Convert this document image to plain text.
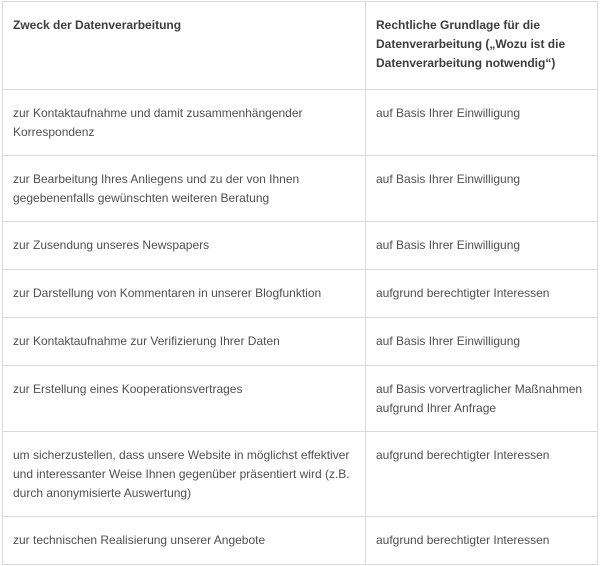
Zweck der Datenverarbeitung	Rechtliche Grundlage für die Datenverarbeitung („Wozu ist die Datenverarbeitung notwendig“)
zur Kontaktaufnahme und damit zusammenhängender Korrespondenz	auf Basis Ihrer Einwilligung
zur Bearbeitung Ihres Anliegens und zu der von Ihnen gegebenenfalls gewünschten weiteren Beratung	auf Basis Ihrer Einwilligung
zur Zusendung unseres Newspapers	auf Basis Ihrer Einwilligung
zur Darstellung von Kommentaren in unserer Blogfunktion	aufgrund berechtigter Interessen
zur Kontaktaufnahme zur Verifizierung Ihrer Daten	auf Basis Ihrer Einwilligung
zur Erstellung eines Kooperationsvertrages	auf Basis vorvertraglicher Maßnahmen aufgrund Ihrer Anfrage
um sicherzustellen, dass unsere Website in möglichst effektiver und interessanter Weise Ihnen gegenüber präsentiert wird (z.B. durch anonymisierte Auswertung)	aufgrund berechtigter Interessen
zur technischen Realisierung unserer Angebote	aufgrund berechtigter Interessen
